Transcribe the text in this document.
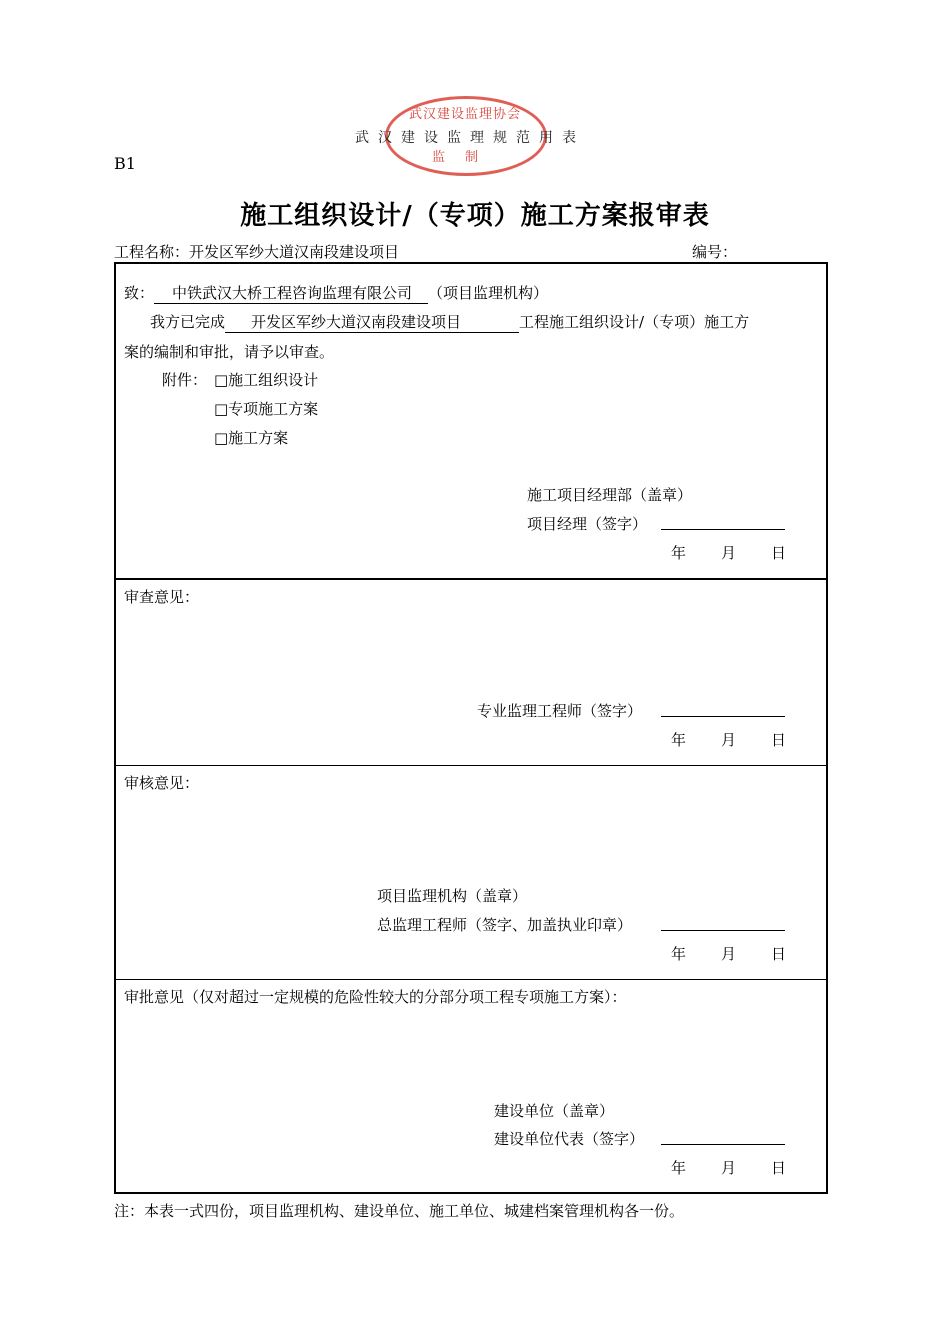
武汉建设监理协会
监制
武汉建设监理规范用表
B1
施工组织设计/（专项）施工方案报审表
工程名称：开发区军纱大道汉南段建设项目	编号：
致： 中铁武汉大桥工程咨询监理有限公司 （项目监理机构）
我方已完成 开发区军纱大道汉南段建设项目	工程施工组织设计/（专项）施工方
案的编制和审批，请予以审查。
附件： □施工组织设计
□专项施工方案
□施工方案
施工项目经理部（盖章）
项目经理（签字）
年 月 日
审查意见：
专业监理工程师（签字）
年 月 日
审核意见：
项目监理机构（盖章）
总监理工程师（签字、加盖执业印章）
年 月 日
审批意见（仅对超过一定规模的危险性较大的分部分项工程专项施工方案）：
建设单位（盖章）
建设单位代表（签字）
年 月 日
注：本表一式四份，项目监理机构、建设单位、施工单位、城建档案管理机构各一份。
